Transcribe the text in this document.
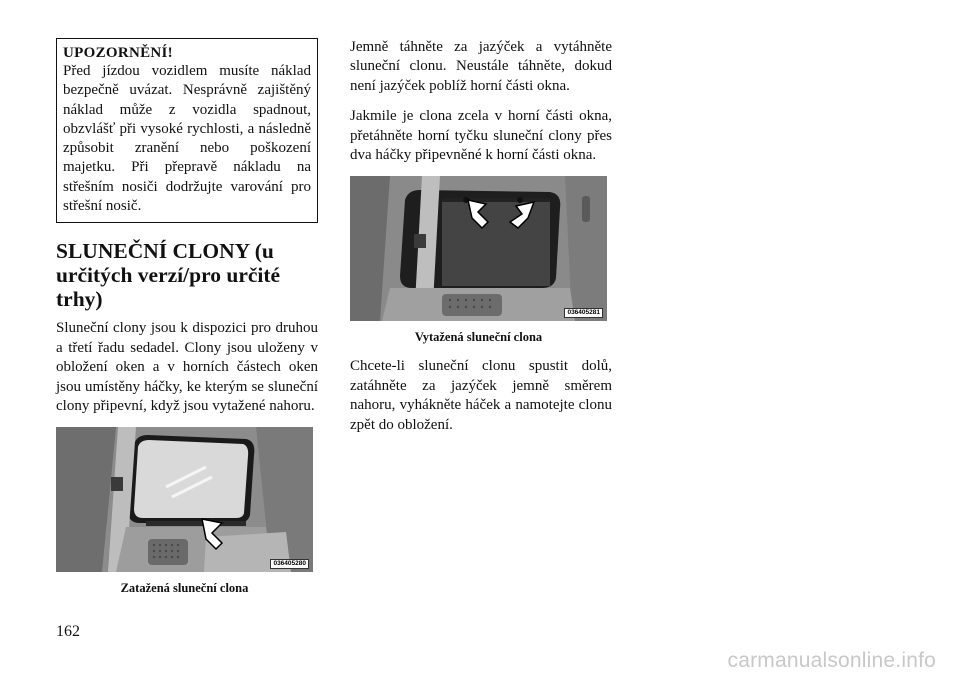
UPOZORNĚNÍ!
Před jízdou vozidlem musíte náklad bezpečně uvázat. Nesprávně zajištěný náklad může z vozidla spadnout, obzvlášť při vysoké rychlosti, a následně způsobit zranění nebo poškození majetku. Při přepravě nákladu na střešním nosiči dodržujte varování pro střešní nosič.
SLUNEČNÍ CLONY (u určitých verzí/pro určité trhy)

Sluneční clony jsou k dispozici pro druhou a třetí řadu sedadel. Clony jsou uloženy v obložení oken a v horních částech oken jsou umístěny háčky, ke kterým se sluneční clony připevní, když jsou vytažené nahoru.

036405280
Zatažená sluneční clona

Jemně táhněte za jazýček a vytáhněte sluneční clonu. Neustále táhněte, dokud není jazýček poblíž horní části okna.

Jakmile je clona zcela v horní části okna, přetáhněte horní tyčku sluneční clony přes dva háčky připevněné k horní části okna.

036405281
Vytažená sluneční clona

Chcete-li sluneční clonu spustit dolů, zatáhněte za jazýček jemně směrem nahoru, vyhákněte háček a namotejte clonu zpět do obložení.

162
carmanualsonline.info
